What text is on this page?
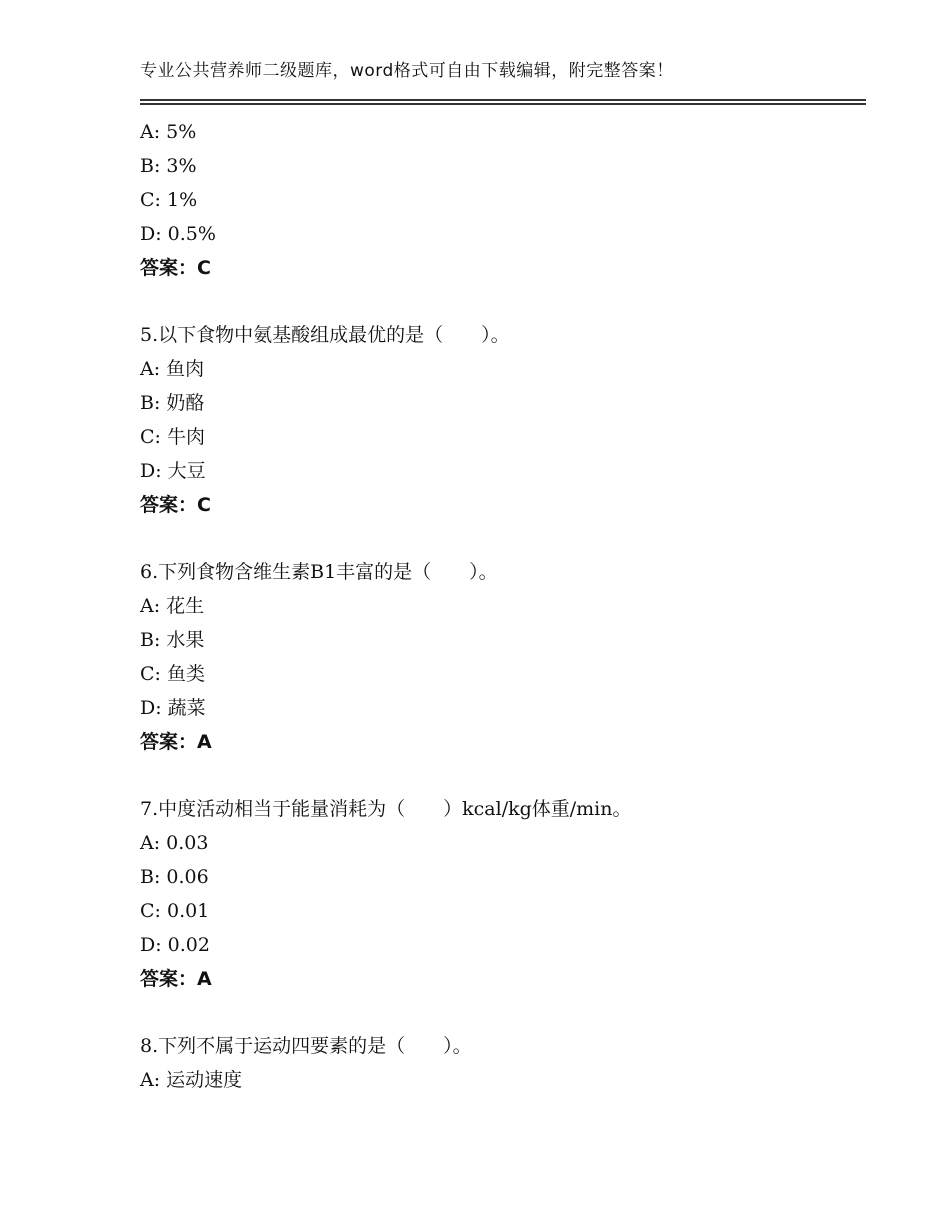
专业公共营养师二级题库，word格式可自由下载编辑，附完整答案！
A: 5%
B: 3%
C: 1%
D: 0.5%
答案：C
5.以下食物中氨基酸组成最优的是（　　）。
A: 鱼肉
B: 奶酪
C: 牛肉
D: 大豆
答案：C
6.下列食物含维生素B1丰富的是（　　）。
A: 花生
B: 水果
C: 鱼类
D: 蔬菜
答案：A
7.中度活动相当于能量消耗为（　　）kcal/kg体重/min。
A: 0.03
B: 0.06
C: 0.01
D: 0.02
答案：A
8.下列不属于运动四要素的是（　　）。
A: 运动速度
